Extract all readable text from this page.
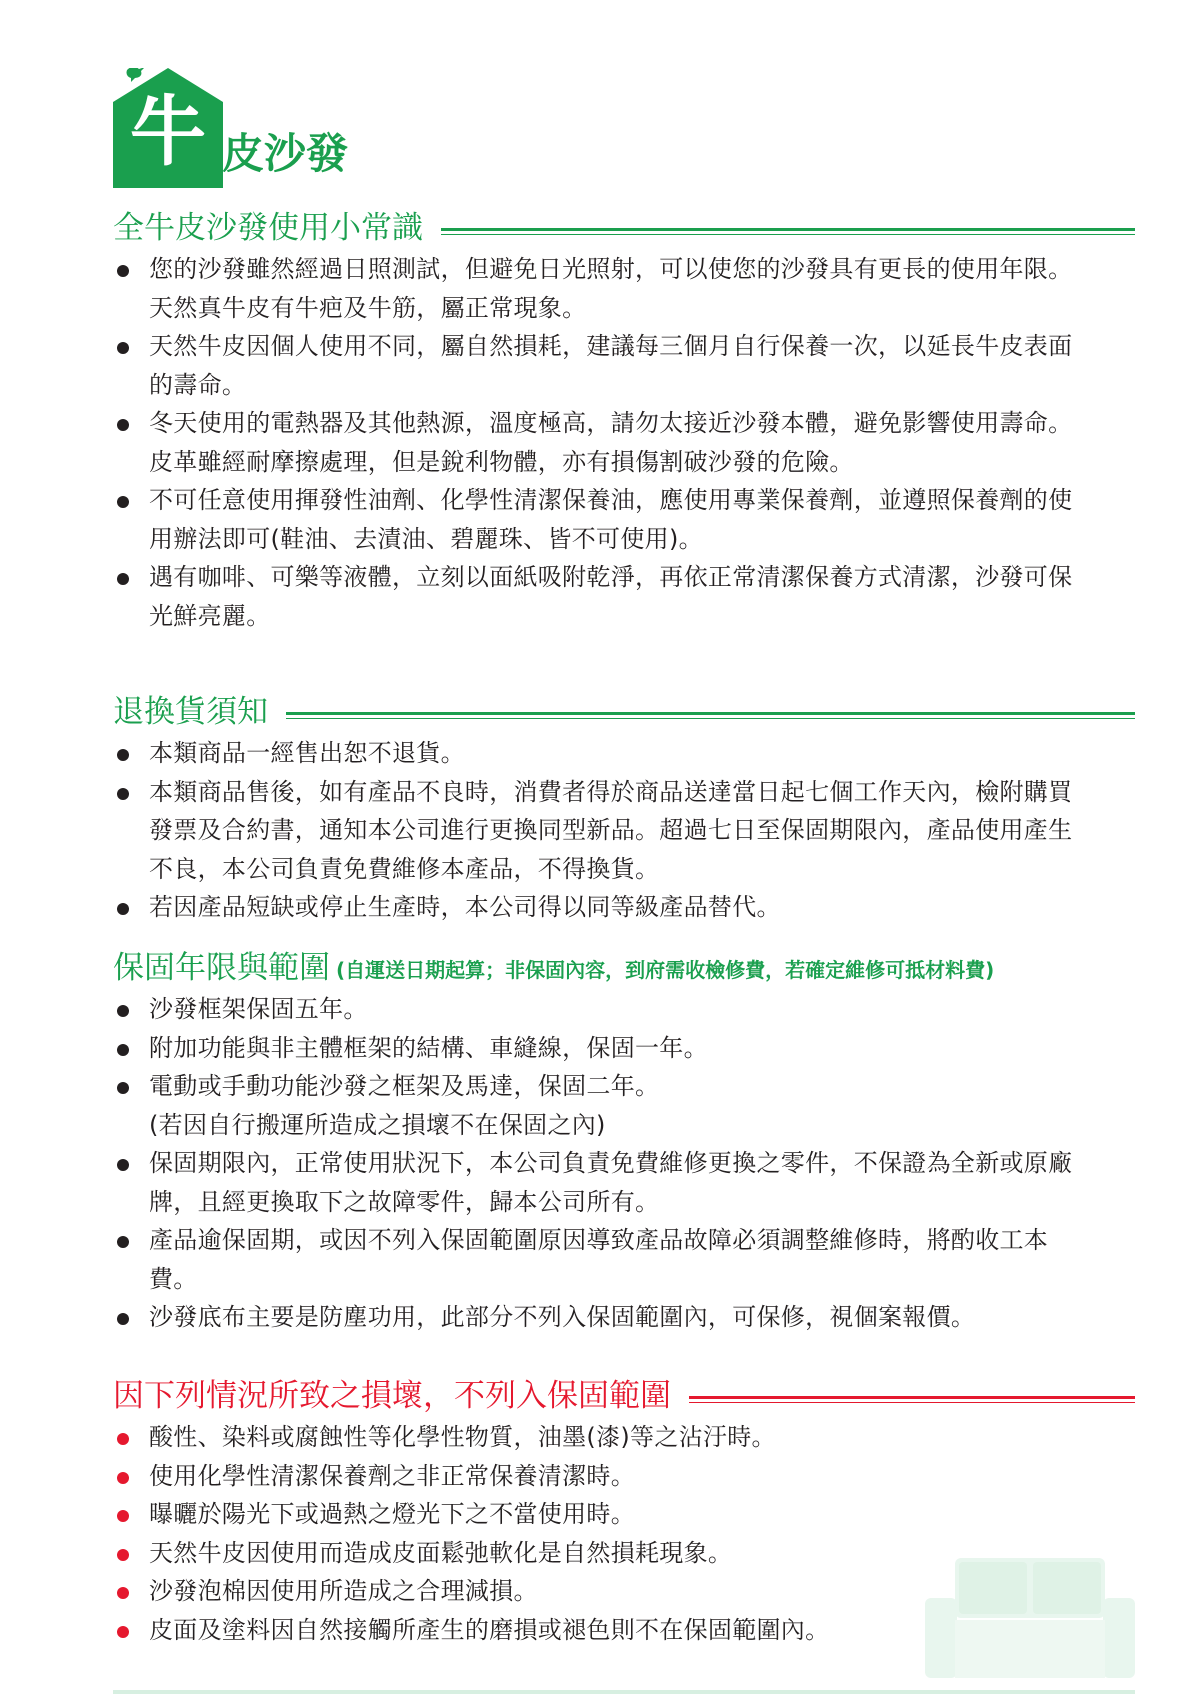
牛 皮沙發
全牛皮沙發使用小常識
您的沙發雖然經過日照測試，但避免日光照射，可以使您的沙發具有更長的使用年限。
天然真牛皮有牛疤及牛筋，屬正常現象。
天然牛皮因個人使用不同，屬自然損耗，建議每三個月自行保養一次，以延長牛皮表面
的壽命。
冬天使用的電熱器及其他熱源，溫度極高，請勿太接近沙發本體，避免影響使用壽命。
皮革雖經耐摩擦處理，但是銳利物體，亦有損傷割破沙發的危險。
不可任意使用揮發性油劑、化學性清潔保養油，應使用專業保養劑，並遵照保養劑的使
用辦法即可(鞋油、去漬油、碧麗珠、皆不可使用)。
遇有咖啡、可樂等液體，立刻以面紙吸附乾淨，再依正常清潔保養方式清潔，沙發可保
光鮮亮麗。
退換貨須知
本類商品一經售出恕不退貨。
本類商品售後，如有產品不良時，消費者得於商品送達當日起七個工作天內，檢附購買
發票及合約書，通知本公司進行更換同型新品。超過七日至保固期限內，產品使用產生
不良，本公司負責免費維修本產品，不得換貨。
若因產品短缺或停止生產時，本公司得以同等級產品替代。
保固年限與範圍 (自運送日期起算；非保固內容，到府需收檢修費，若確定維修可抵材料費)
沙發框架保固五年。
附加功能與非主體框架的結構、車縫線，保固一年。
電動或手動功能沙發之框架及馬達，保固二年。
(若因自行搬運所造成之損壞不在保固之內)
保固期限內，正常使用狀況下，本公司負責免費維修更換之零件，不保證為全新或原廠
牌，且經更換取下之故障零件，歸本公司所有。
產品逾保固期，或因不列入保固範圍原因導致產品故障必須調整維修時，將酌收工本
費。
沙發底布主要是防塵功用，此部分不列入保固範圍內，可保修，視個案報價。
因下列情況所致之損壞，不列入保固範圍
酸性、染料或腐蝕性等化學性物質，油墨(漆)等之沾汙時。
使用化學性清潔保養劑之非正常保養清潔時。
曝曬於陽光下或過熱之燈光下之不當使用時。
天然牛皮因使用而造成皮面鬆弛軟化是自然損耗現象。
沙發泡棉因使用所造成之合理減損。
皮面及塗料因自然接觸所產生的磨損或褪色則不在保固範圍內。
